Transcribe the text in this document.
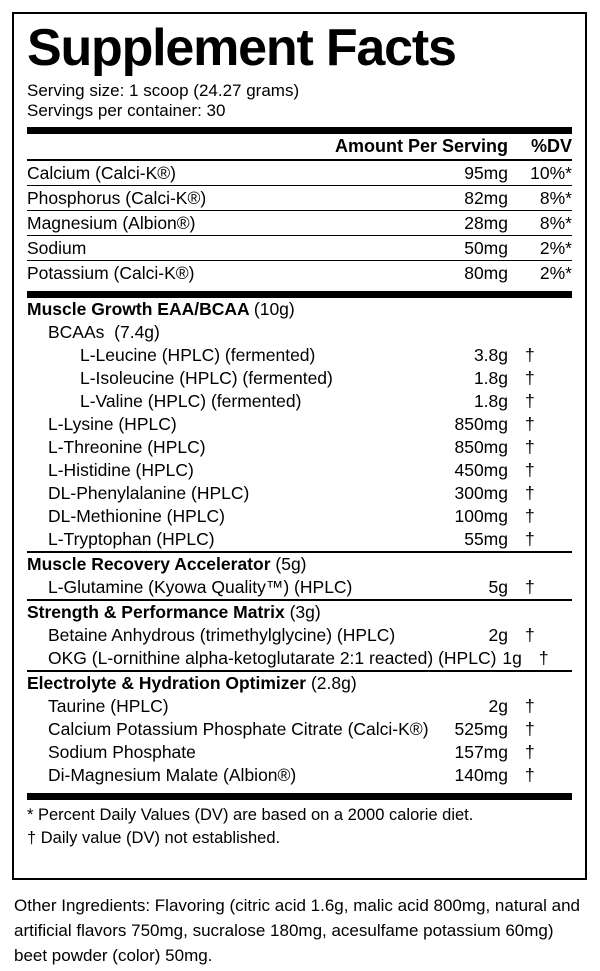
Supplement Facts
Serving size: 1 scoop (24.27 grams)
Servings per container: 30
Amount Per Serving	%DV
Calcium (Calci-K®)	95mg	10%*
Phosphorus (Calci-K®)	82mg	8%*
Magnesium (Albion®)	28mg	8%*
Sodium	50mg	2%*
Potassium (Calci-K®)	80mg	2%*
Muscle Growth EAA/BCAA (10g)
BCAAs (7.4g)
L-Leucine (HPLC) (fermented)	3.8g †
L-Isoleucine (HPLC) (fermented)	1.8g †
L-Valine (HPLC) (fermented)	1.8g †
L-Lysine (HPLC)	850mg †
L-Threonine (HPLC)	850mg †
L-Histidine (HPLC)	450mg †
DL-Phenylalanine (HPLC)	300mg †
DL-Methionine (HPLC)	100mg †
L-Tryptophan (HPLC)	55mg †
Muscle Recovery Accelerator (5g)
L-Glutamine (Kyowa Quality™) (HPLC)	5g †
Strength & Performance Matrix (3g)
Betaine Anhydrous (trimethylglycine) (HPLC)	2g †
OKG (L-ornithine alpha-ketoglutarate 2:1 reacted) (HPLC) 1g †
Electrolyte & Hydration Optimizer (2.8g)
Taurine (HPLC)	2g †
Calcium Potassium Phosphate Citrate (Calci-K®)	525mg †
Sodium Phosphate	157mg †
Di-Magnesium Malate (Albion®)	140mg †
* Percent Daily Values (DV) are based on a 2000 calorie diet.
† Daily value (DV) not established.
Other Ingredients: Flavoring (citric acid 1.6g, malic acid 800mg, natural and artificial flavors 750mg, sucralose 180mg, acesulfame potassium 60mg) beet powder (color) 50mg.
